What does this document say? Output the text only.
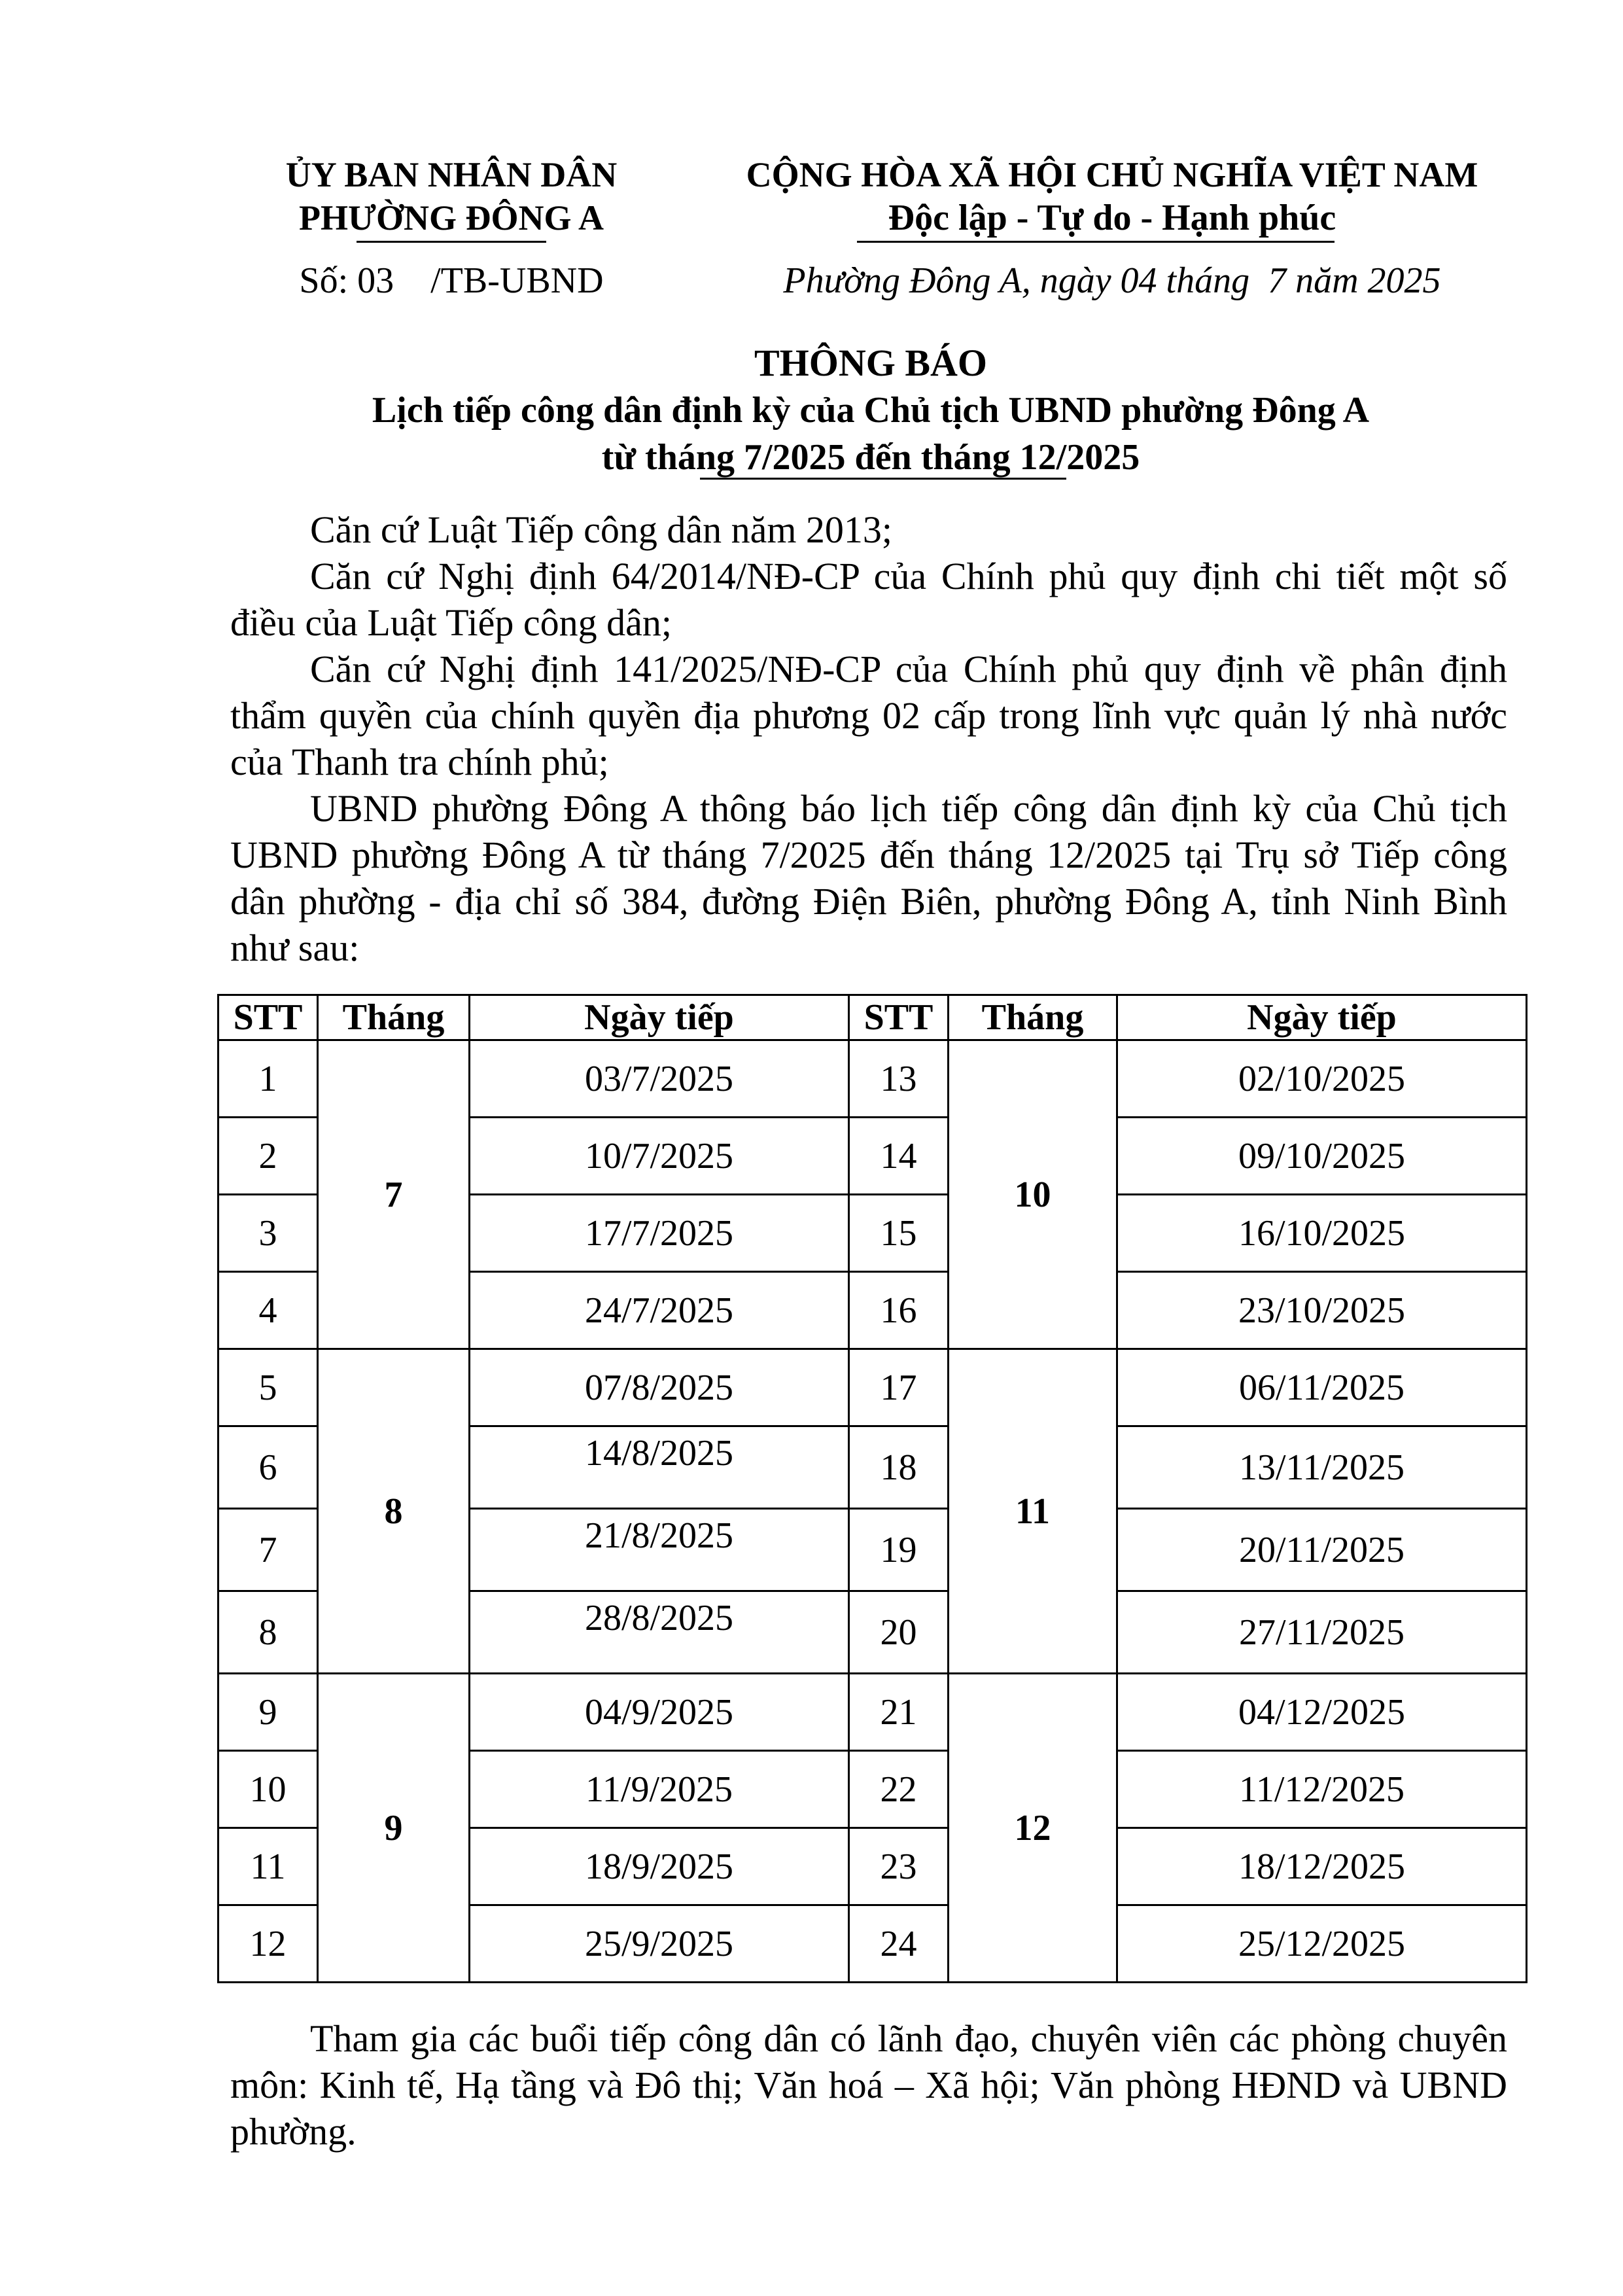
ỦY BAN NHÂN DÂN
PHƯỜNG ĐÔNG A
Số: 03    /TB-UBND
CỘNG HÒA XÃ HỘI CHỦ NGHĨA VIỆT NAM
Độc lập - Tự do - Hạnh phúc
Phường Đông A, ngày 04 tháng  7 năm 2025
THÔNG BÁO
Lịch tiếp công dân định kỳ của Chủ tịch UBND phường Đông A
từ tháng 7/2025 đến tháng 12/2025

Căn cứ Luật Tiếp công dân năm 2013;

Căn cứ Nghị định 64/2014/NĐ-CP của Chính phủ quy định chi tiết một số điều của Luật Tiếp công dân;

Căn cứ Nghị định 141/2025/NĐ-CP của Chính phủ quy định về phân định thẩm quyền của chính quyền địa phương 02 cấp trong lĩnh vực quản lý nhà nước của Thanh tra chính phủ;

UBND phường Đông A thông báo lịch tiếp công dân định kỳ của Chủ tịch UBND phường Đông A từ tháng 7/2025 đến tháng 12/2025 tại Trụ sở Tiếp công dân phường - địa chỉ số 384, đường Điện Biên, phường Đông A, tỉnh Ninh Bình như sau:

STT	Tháng	Ngày tiếp	STT	Tháng	Ngày tiếp
1	7	03/7/2025	13	10	02/10/2025
2		10/7/2025	14		09/10/2025
3		17/7/2025	15		16/10/2025
4		24/7/2025	16		23/10/2025
5	8	07/8/2025	17	11	06/11/2025
6		14/8/2025	18		13/11/2025
7		21/8/2025	19		20/11/2025
8		28/8/2025	20		27/11/2025
9	9	04/9/2025	21	12	04/12/2025
10		11/9/2025	22		11/12/2025
11		18/9/2025	23		18/12/2025
12		25/9/2025	24		25/12/2025

Tham gia các buổi tiếp công dân có lãnh đạo, chuyên viên các phòng chuyên môn: Kinh tế, Hạ tầng và Đô thị; Văn hoá – Xã hội; Văn phòng HĐND và UBND phường.
